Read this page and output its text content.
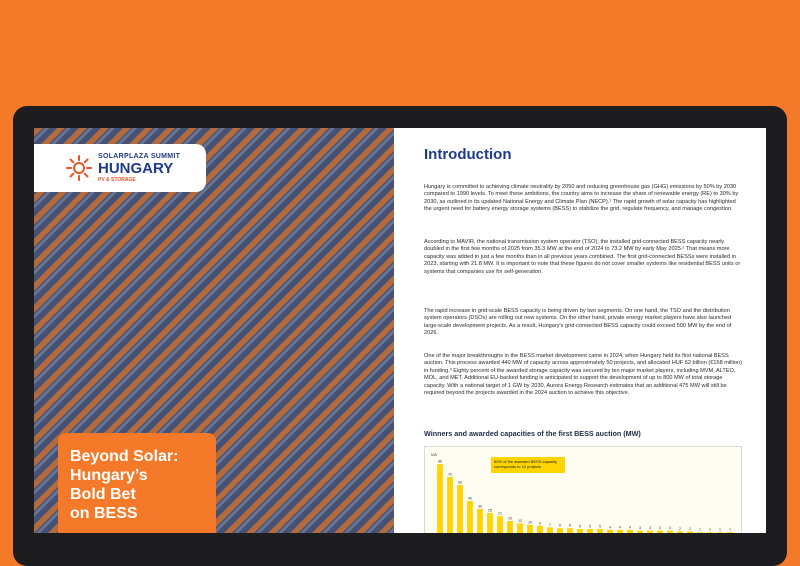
SOLARPLAZA SUMMIT
HUNGARY
PV & STORAGE
Beyond Solar:
Hungary’s
Bold Bet
on BESS
Introduction
Hungary is committed to achieving climate neutrality by 2050 and reducing greenhouse gas (GHG) emissions by 50% by 2030 compared to 1990 levels. To meet these ambitions, the country aims to increase the share of renewable energy (RE) to 30% by 2030, as outlined in its updated National Energy and Climate Plan (NECP).¹ The rapid growth of solar capacity has highlighted the urgent need for battery energy storage systems (BESS) to stabilize the grid, regulate frequency, and manage congestion.
According to MAVIR, the national transmission system operator (TSO), the installed grid-connected BESS capacity nearly doubled in the first few months of 2025 from 35.3 MW at the end of 2024 to 73.2 MW by early May 2025.² That means more capacity was added in just a few months than in all previous years combined. The first grid-connected BESSs were installed in 2023, starting with 21.8 MW. It is important to note that these figures do not cover smaller systems like residential BESS units or systems that companies use for self-generation.
The rapid increase in grid-scale BESS capacity is being driven by two segments. On one hand, the TSO and the distribution system operators (DSOs) are rolling out new systems. On the other hand, private energy market players have also launched large-scale development projects. As a result, Hungary's grid-connected BESS capacity could exceed 500 MW by the end of 2026.
One of the major breakthroughs in the BESS market development came in 2024, when Hungary held its first national BESS auction. This process awarded 440 MW of capacity across approximately 50 projects, and allocated HUF 62 billion (€158 million) in funding.³ Eighty percent of the awarded storage capacity was secured by ten major market players, including MVM, ALTEO, MOL, and MET. Additional EU-backed funding is anticipated to support the development of up to 800 MW of total storage capacity. With a national target of 1 GW by 2030, Aurora Energy Research estimates that an additional 475 MW will still be required beyond the projects awarded in the 2024 auction to achieve this objective.
Winners and awarded capacities of the first BESS auction (MW)
MW
86
70
60
40
30
25
21
15
12 10 9 7 6 6 5 5 5 4 4 4 3 3 3 3 2 2 1 1 1 1
80% of the awarded BESS capacity corresponds to 10 projects
